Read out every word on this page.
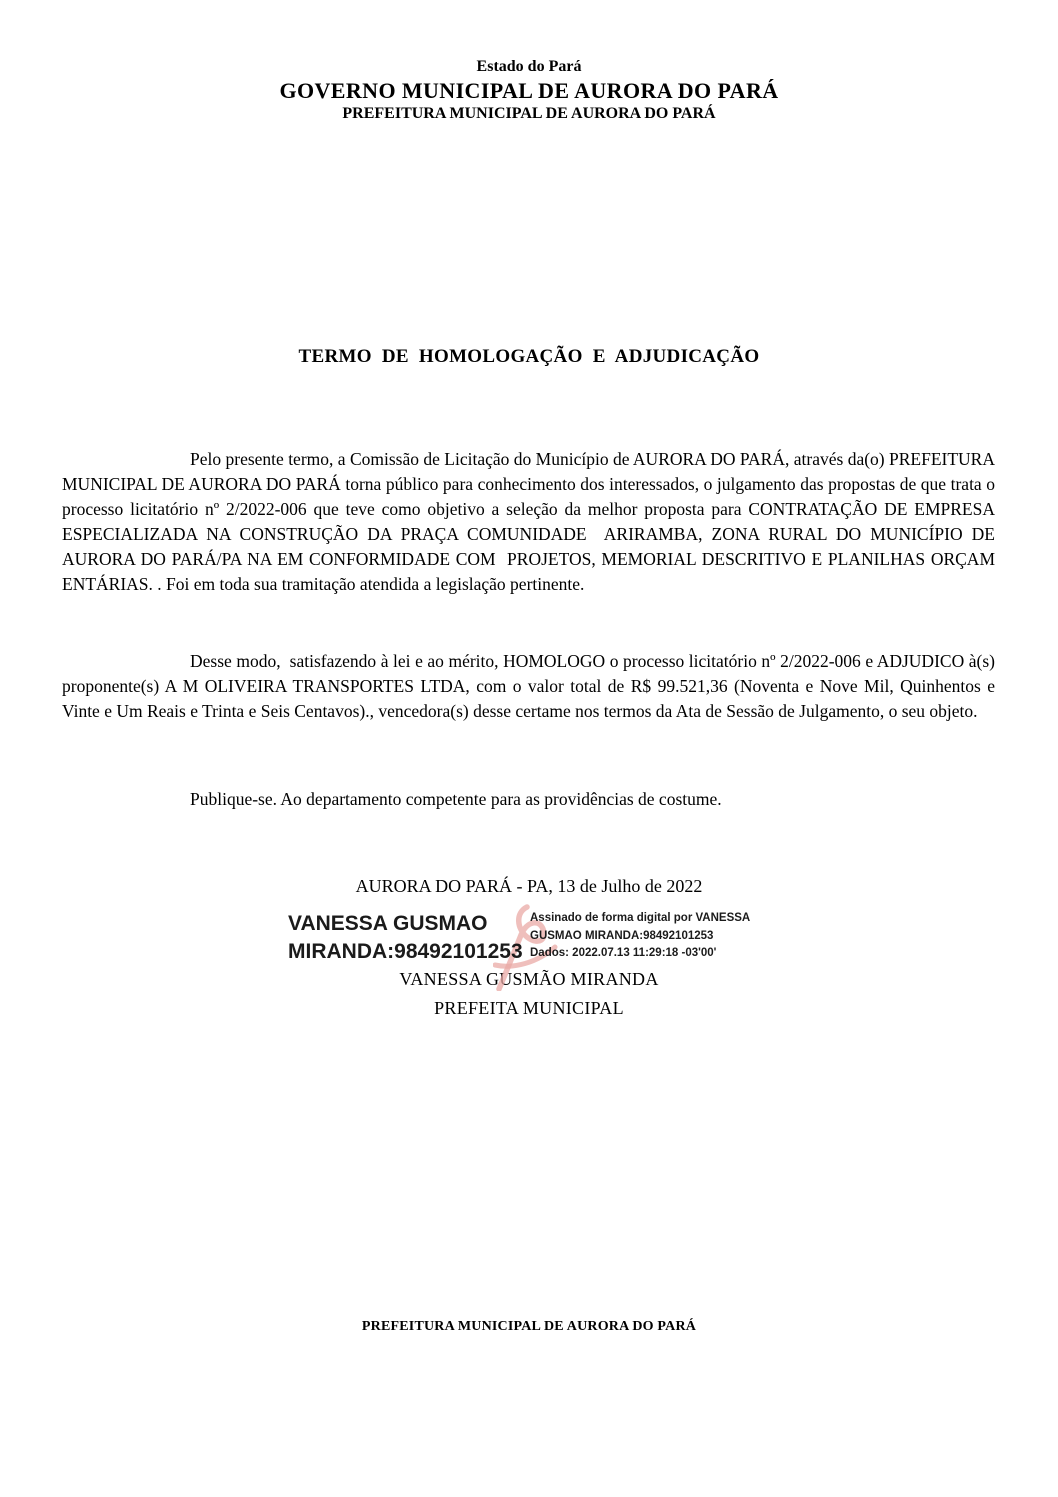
Estado do Pará
GOVERNO MUNICIPAL DE AURORA DO PARÁ
PREFEITURA MUNICIPAL DE AURORA DO PARÁ
TERMO DE HOMOLOGAÇÃO E ADJUDICAÇÃO

Pelo presente termo, a Comissão de Licitação do Município de AURORA DO PARÁ, através da(o) PREFEITURA MUNICIPAL DE AURORA DO PARÁ torna público para conhecimento dos interessados, o julgamento das propostas de que trata o processo licitatório nº 2/2022-006 que teve como objetivo a seleção da melhor proposta para CONTRATAÇÃO DE EMPRESA ESPECIALIZADA NA CONSTRUÇÃO DA PRAÇA COMUNIDADE  ARIRAMBA, ZONA RURAL DO MUNICÍPIO DE AURORA DO PARÁ/PA NA EM CONFORMIDADE COM  PROJETOS, MEMORIAL DESCRITIVO E PLANILHAS ORÇAM ENTÁRIAS. . Foi em toda sua tramitação atendida a legislação pertinente.

Desse modo,  satisfazendo à lei e ao mérito, HOMOLOGO o processo licitatório nº 2/2022-006 e ADJUDICO à(s) proponente(s) A M OLIVEIRA TRANSPORTES LTDA, com o valor total de R$ 99.521,36 (Noventa e Nove Mil, Quinhentos e Vinte e Um Reais e Trinta e Seis Centavos)., vencedora(s) desse certame nos termos da Ata de Sessão de Julgamento, o seu objeto.

Publique-se. Ao departamento competente para as providências de costume.

AURORA DO PARÁ - PA, 13 de Julho de 2022
VANESSA GUSMAO
MIRANDA:98492101253
Assinado de forma digital por VANESSA
GUSMAO MIRANDA:98492101253
Dados: 2022.07.13 11:29:18 -03'00'
VANESSA GUSMÃO MIRANDA
PREFEITA MUNICIPAL
PREFEITURA MUNICIPAL DE AURORA DO PARÁ
